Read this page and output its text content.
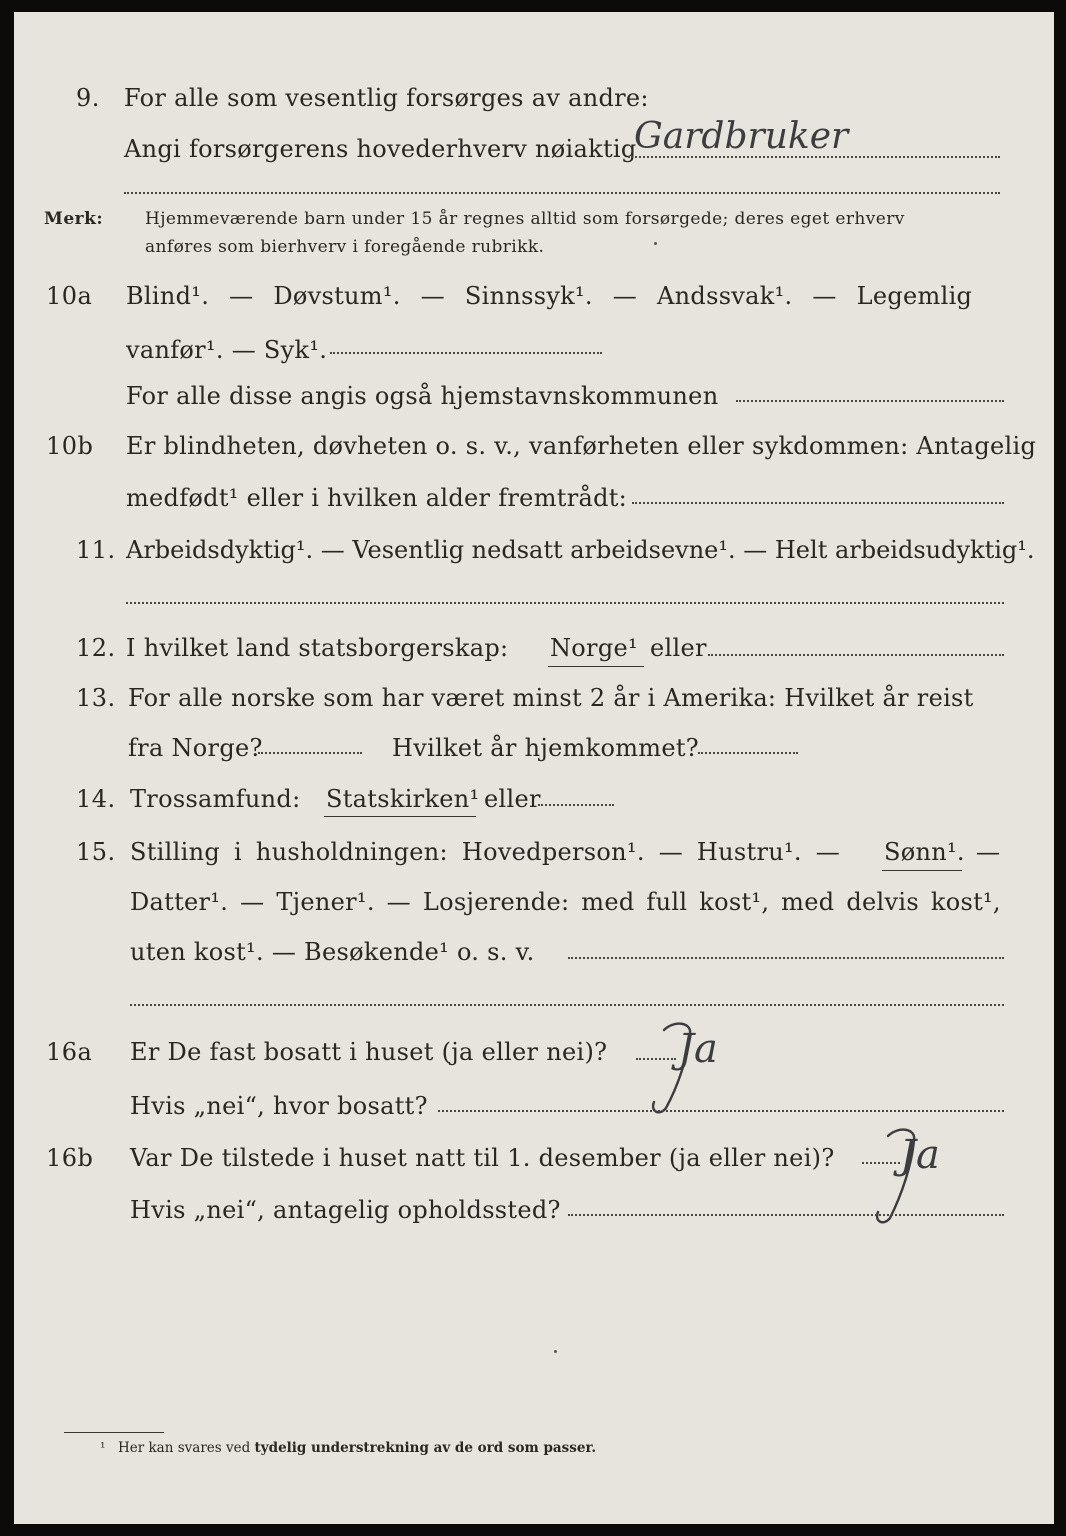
9. For alle som vesentlig forsørges av andre:
Angi forsørgerens hovederhverv nøiaktig
Gardbruker
Merk: Hjemmeværende barn under 15 år regnes alltid som forsørgede; deres eget erhverv
anføres som bierhverv i foregående rubrikk.
10a Blind¹. — Døvstum¹. — Sinnssyk¹. — Andssvak¹. — Legemlig
vanfør¹. — Syk¹.
For alle disse angis også hjemstavnskommunen
10b Er blindheten, døvheten o. s. v., vanførheten eller sykdommen: Antagelig
medfødt¹ eller i hvilken alder fremtrådt:
11. Arbeidsdyktig¹. — Vesentlig nedsatt arbeidsevne¹. — Helt arbeidsudyktig¹.
12. I hvilket land statsborgerskap: Norge¹ eller
13. For alle norske som har været minst 2 år i Amerika: Hvilket år reist
fra Norge?	Hvilket år hjemkommet?
14. Trossamfund: Statskirken¹ eller
15. Stilling i husholdningen: Hovedperson¹. — Hustru¹. — Sønn¹. —
Datter¹. — Tjener¹. — Losjerende: med full kost¹, med delvis kost¹,
uten kost¹. — Besøkende¹ o. s. v.
16a Er De fast bosatt i huset (ja eller nei)? Ja
Hvis „nei“, hvor bosatt?
16b Var De tilstede i huset natt til 1. desember (ja eller nei)? Ja
Hvis „nei“, antagelig opholdssted?
¹ Her kan svares ved tydelig understrekning av de ord som passer.
